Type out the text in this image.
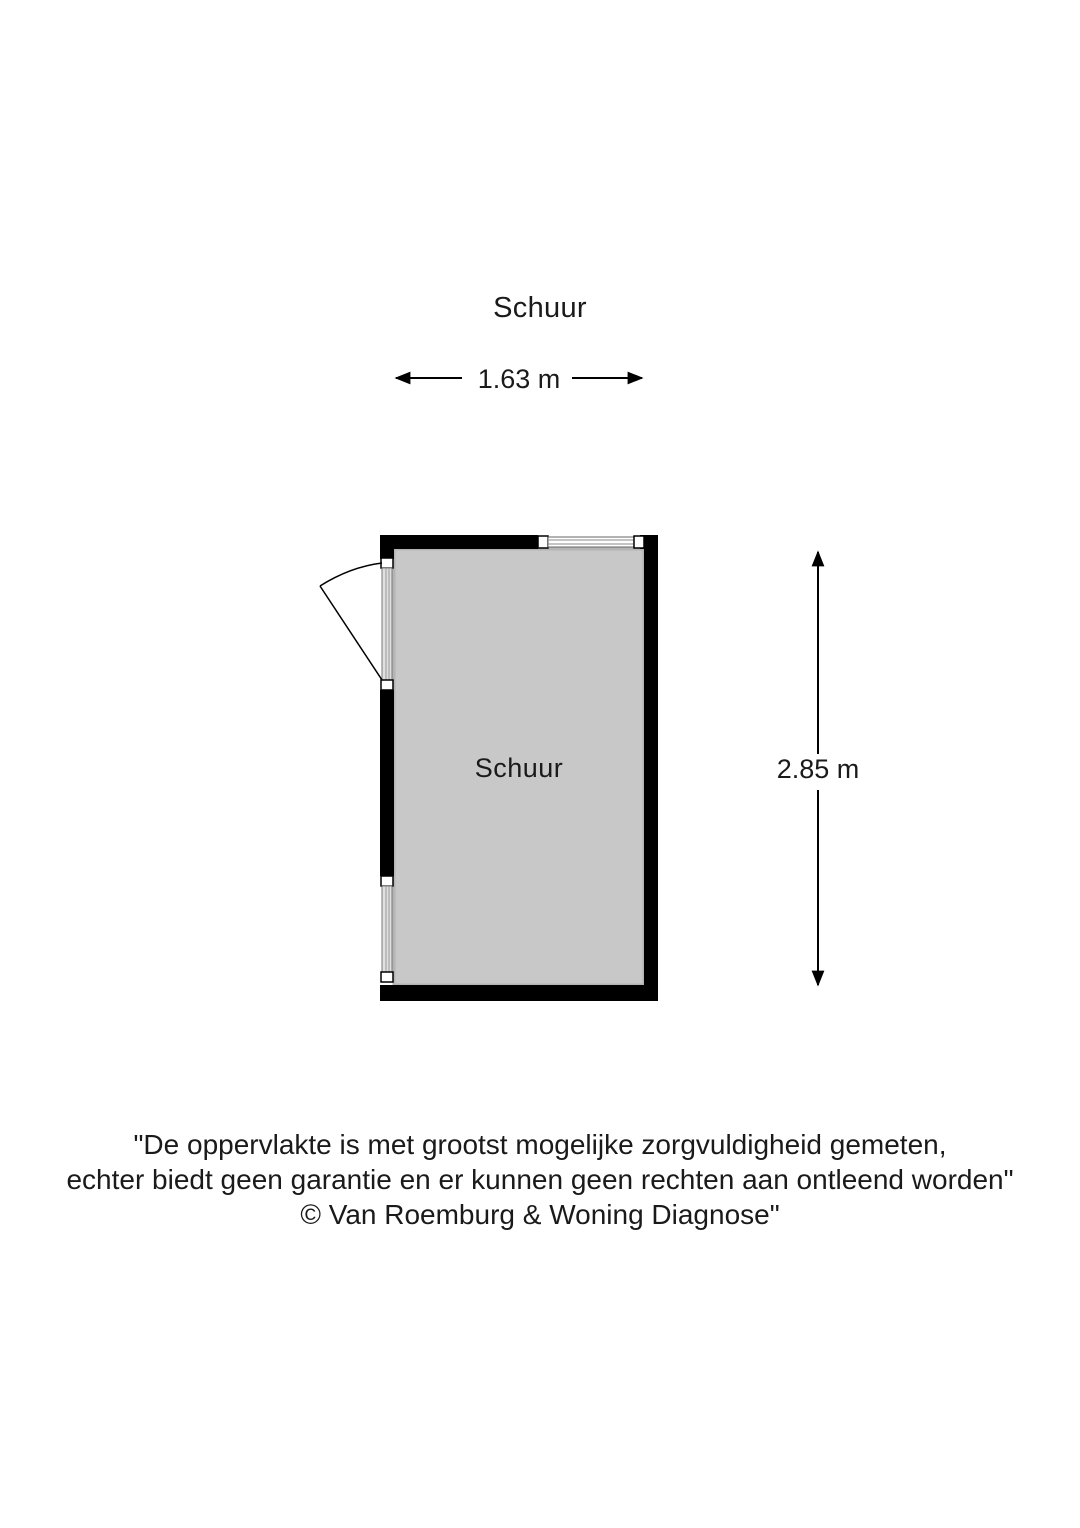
Schuur
1.63 m
2.85 m
Schuur
"De oppervlakte is met grootst mogelijke zorgvuldigheid gemeten,
echter biedt geen garantie en er kunnen geen rechten aan ontleend worden"
© Van Roemburg & Woning Diagnose"
